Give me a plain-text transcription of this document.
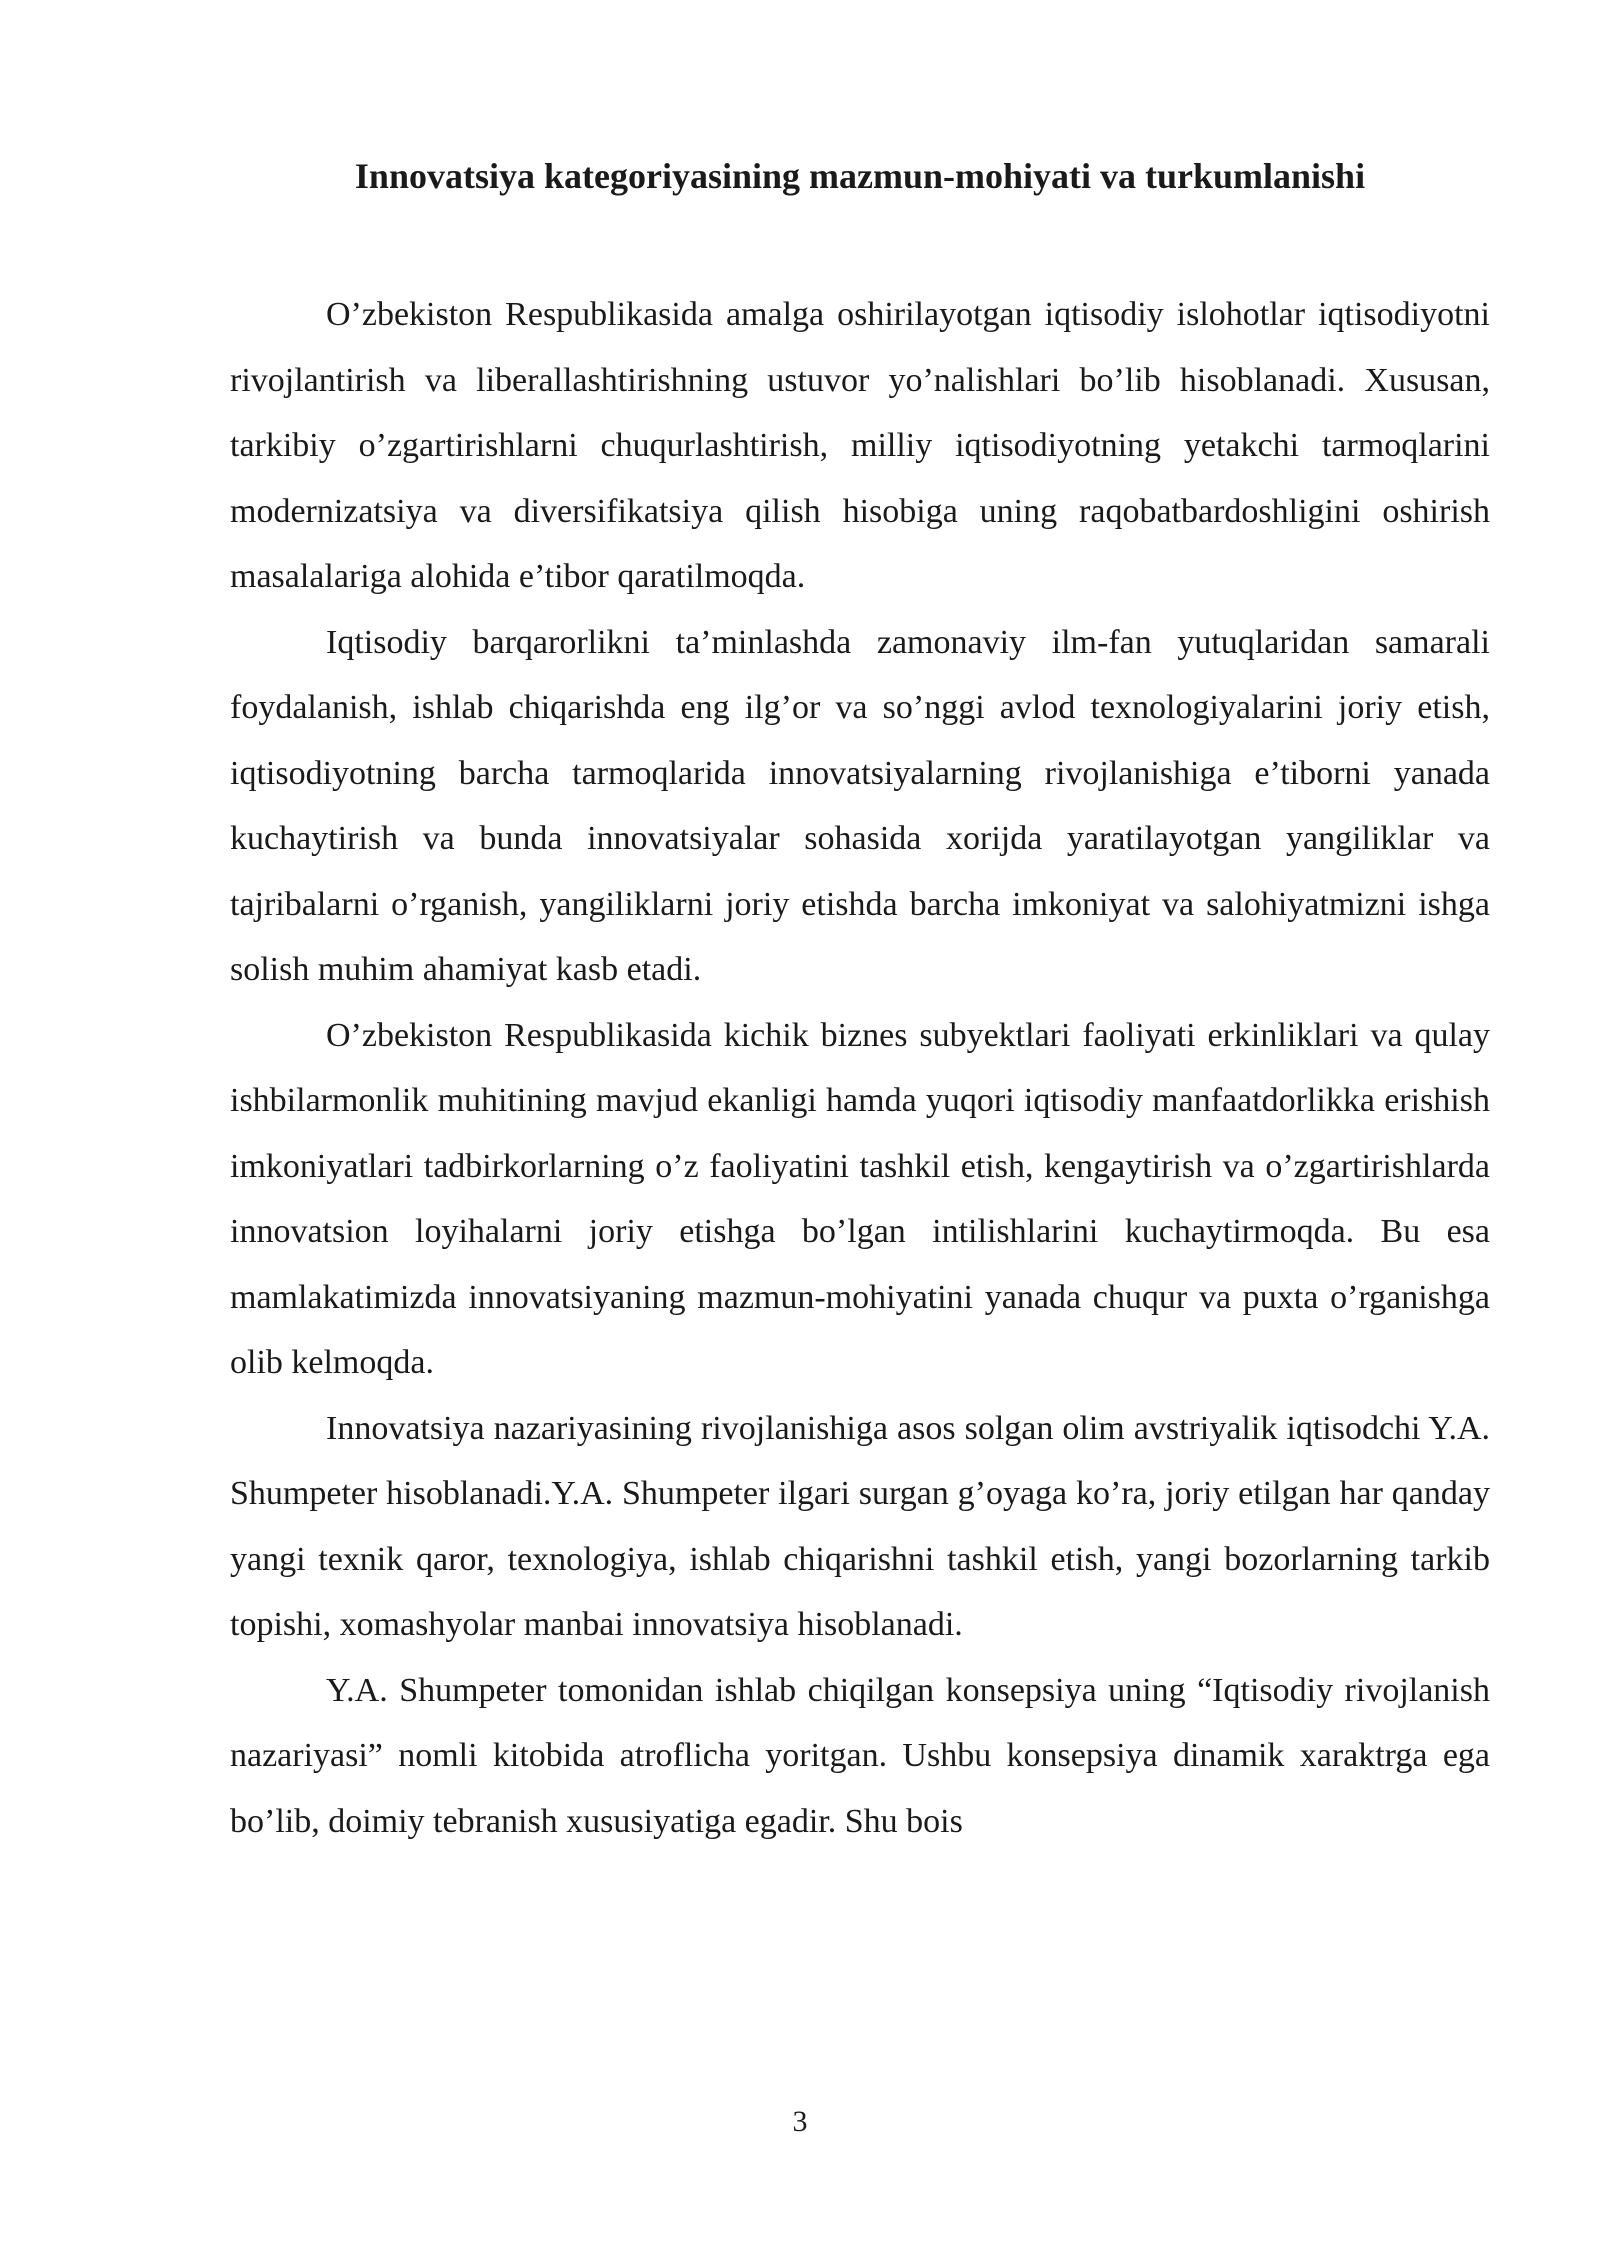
Innovatsiya kategoriyasining mazmun-mohiyati va turkumlanishi

O’zbekiston Respublikasida amalga oshirilayotgan iqtisodiy islohotlar iqtisodiyotni rivojlantirish va liberallashtirishning ustuvor yo’nalishlari bo’lib hisoblanadi. Xususan, tarkibiy o’zgartirishlarni chuqurlashtirish, milliy iqtisodiyotning yetakchi tarmoqlarini modernizatsiya va diversifikatsiya qilish hisobiga uning raqobatbardoshligini oshirish masalalariga alohida e’tibor qaratilmoqda.

Iqtisodiy barqarorlikni ta’minlashda zamonaviy ilm-fan yutuqlaridan samarali foydalanish, ishlab chiqarishda eng ilg’or va so’nggi avlod texnologiyalarini joriy etish, iqtisodiyotning barcha tarmoqlarida innovatsiyalarning rivojlanishiga e’tiborni yanada kuchaytirish va bunda innovatsiyalar sohasida xorijda yaratilayotgan yangiliklar va tajribalarni o’rganish, yangiliklarni joriy etishda barcha imkoniyat va salohiyatmizni ishga solish muhim ahamiyat kasb etadi.

O’zbekiston Respublikasida kichik biznes subyektlari faoliyati erkinliklari va qulay ishbilarmonlik muhitining mavjud ekanligi hamda yuqori iqtisodiy manfaatdorlikka erishish imkoniyatlari tadbirkorlarning o’z faoliyatini tashkil etish, kengaytirish va o’zgartirishlarda innovatsion loyihalarni joriy etishga bo’lgan intilishlarini kuchaytirmoqda. Bu esa mamlakatimizda innovatsiyaning mazmun-mohiyatini yanada chuqur va puxta o’rganishga olib kelmoqda.

Innovatsiya nazariyasining rivojlanishiga asos solgan olim avstriyalik iqtisodchi Y.A. Shumpeter hisoblanadi.Y.A. Shumpeter ilgari surgan g’oyaga ko’ra, joriy etilgan har qanday yangi texnik qaror, texnologiya, ishlab chiqarishni tashkil etish, yangi bozorlarning tarkib topishi, xomashyolar manbai innovatsiya hisoblanadi.

Y.A. Shumpeter tomonidan ishlab chiqilgan konsepsiya uning “Iqtisodiy rivojlanish nazariyasi” nomli kitobida atroflicha yoritgan. Ushbu konsepsiya dinamik xaraktrga ega bo’lib, doimiy tebranish xususiyatiga egadir. Shu bois

3
